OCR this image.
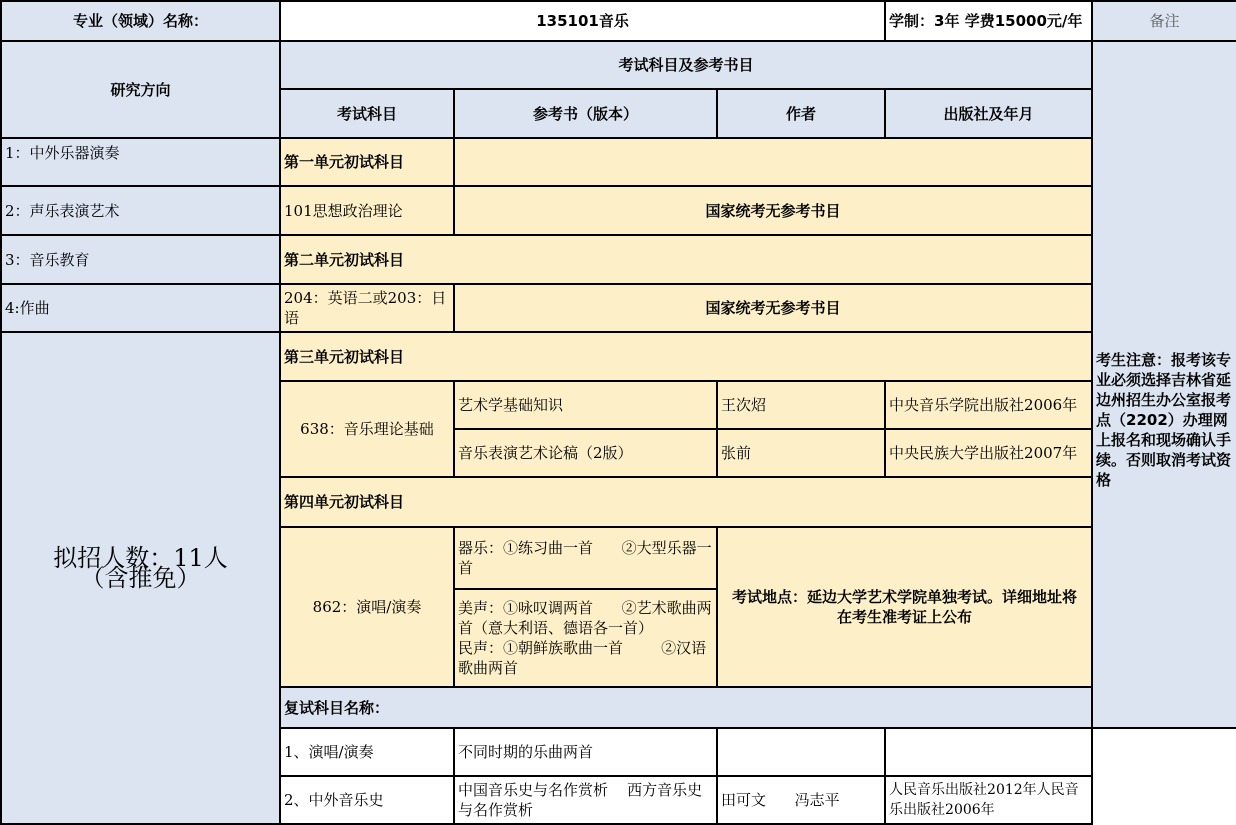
专业（领域）名称：	135101音乐			学制：3年 学费15000元/年	备注	
研究方向	考试科目及参考书目				考生注意：报考该专业必须选择吉林省延边州招生办公室报考点（2202）办理网上报名和现场确认手续。否则取消考试资格	

	考试科目	参考书（版本）	作者	出版社及年月		
1：中外乐器演奏	第一单元初试科目					
2：声乐表演艺术	101思想政治理论	国家统考无参考书目				
3：音乐教育	第二单元初试科目					
4:作曲	204：英语二或203：日语	国家统考无参考书目				
拟招人数：11人（含推免）	第三单元初试科目					
	638：音乐理论基础	艺术学基础知识	王次炤	中央音乐学院出版社2006年		
		音乐表演艺术论稿（2版）	张前	中央民族大学出版社2007年		
	第四单元初试科目					
	862：演唱/演奏	器乐：①练习曲一首      ②大型乐器一首	考试地点：延边大学艺术学院单独考试。详细地址将在考生准考证上公布			

		美声：①咏叹调两首      ②艺术歌曲两首（意大利语、德语各一首）
民声：①朝鲜族歌曲一首        ②汉语歌曲两首				

	复试科目名称：					
	1、演唱/演奏	不同时期的乐曲两首				
	2、中外音乐史	中国音乐史与名作赏析    西方音乐史与名作赏析	田可文      冯志平	人民音乐出版社2012年人民音乐出版社2006年		
